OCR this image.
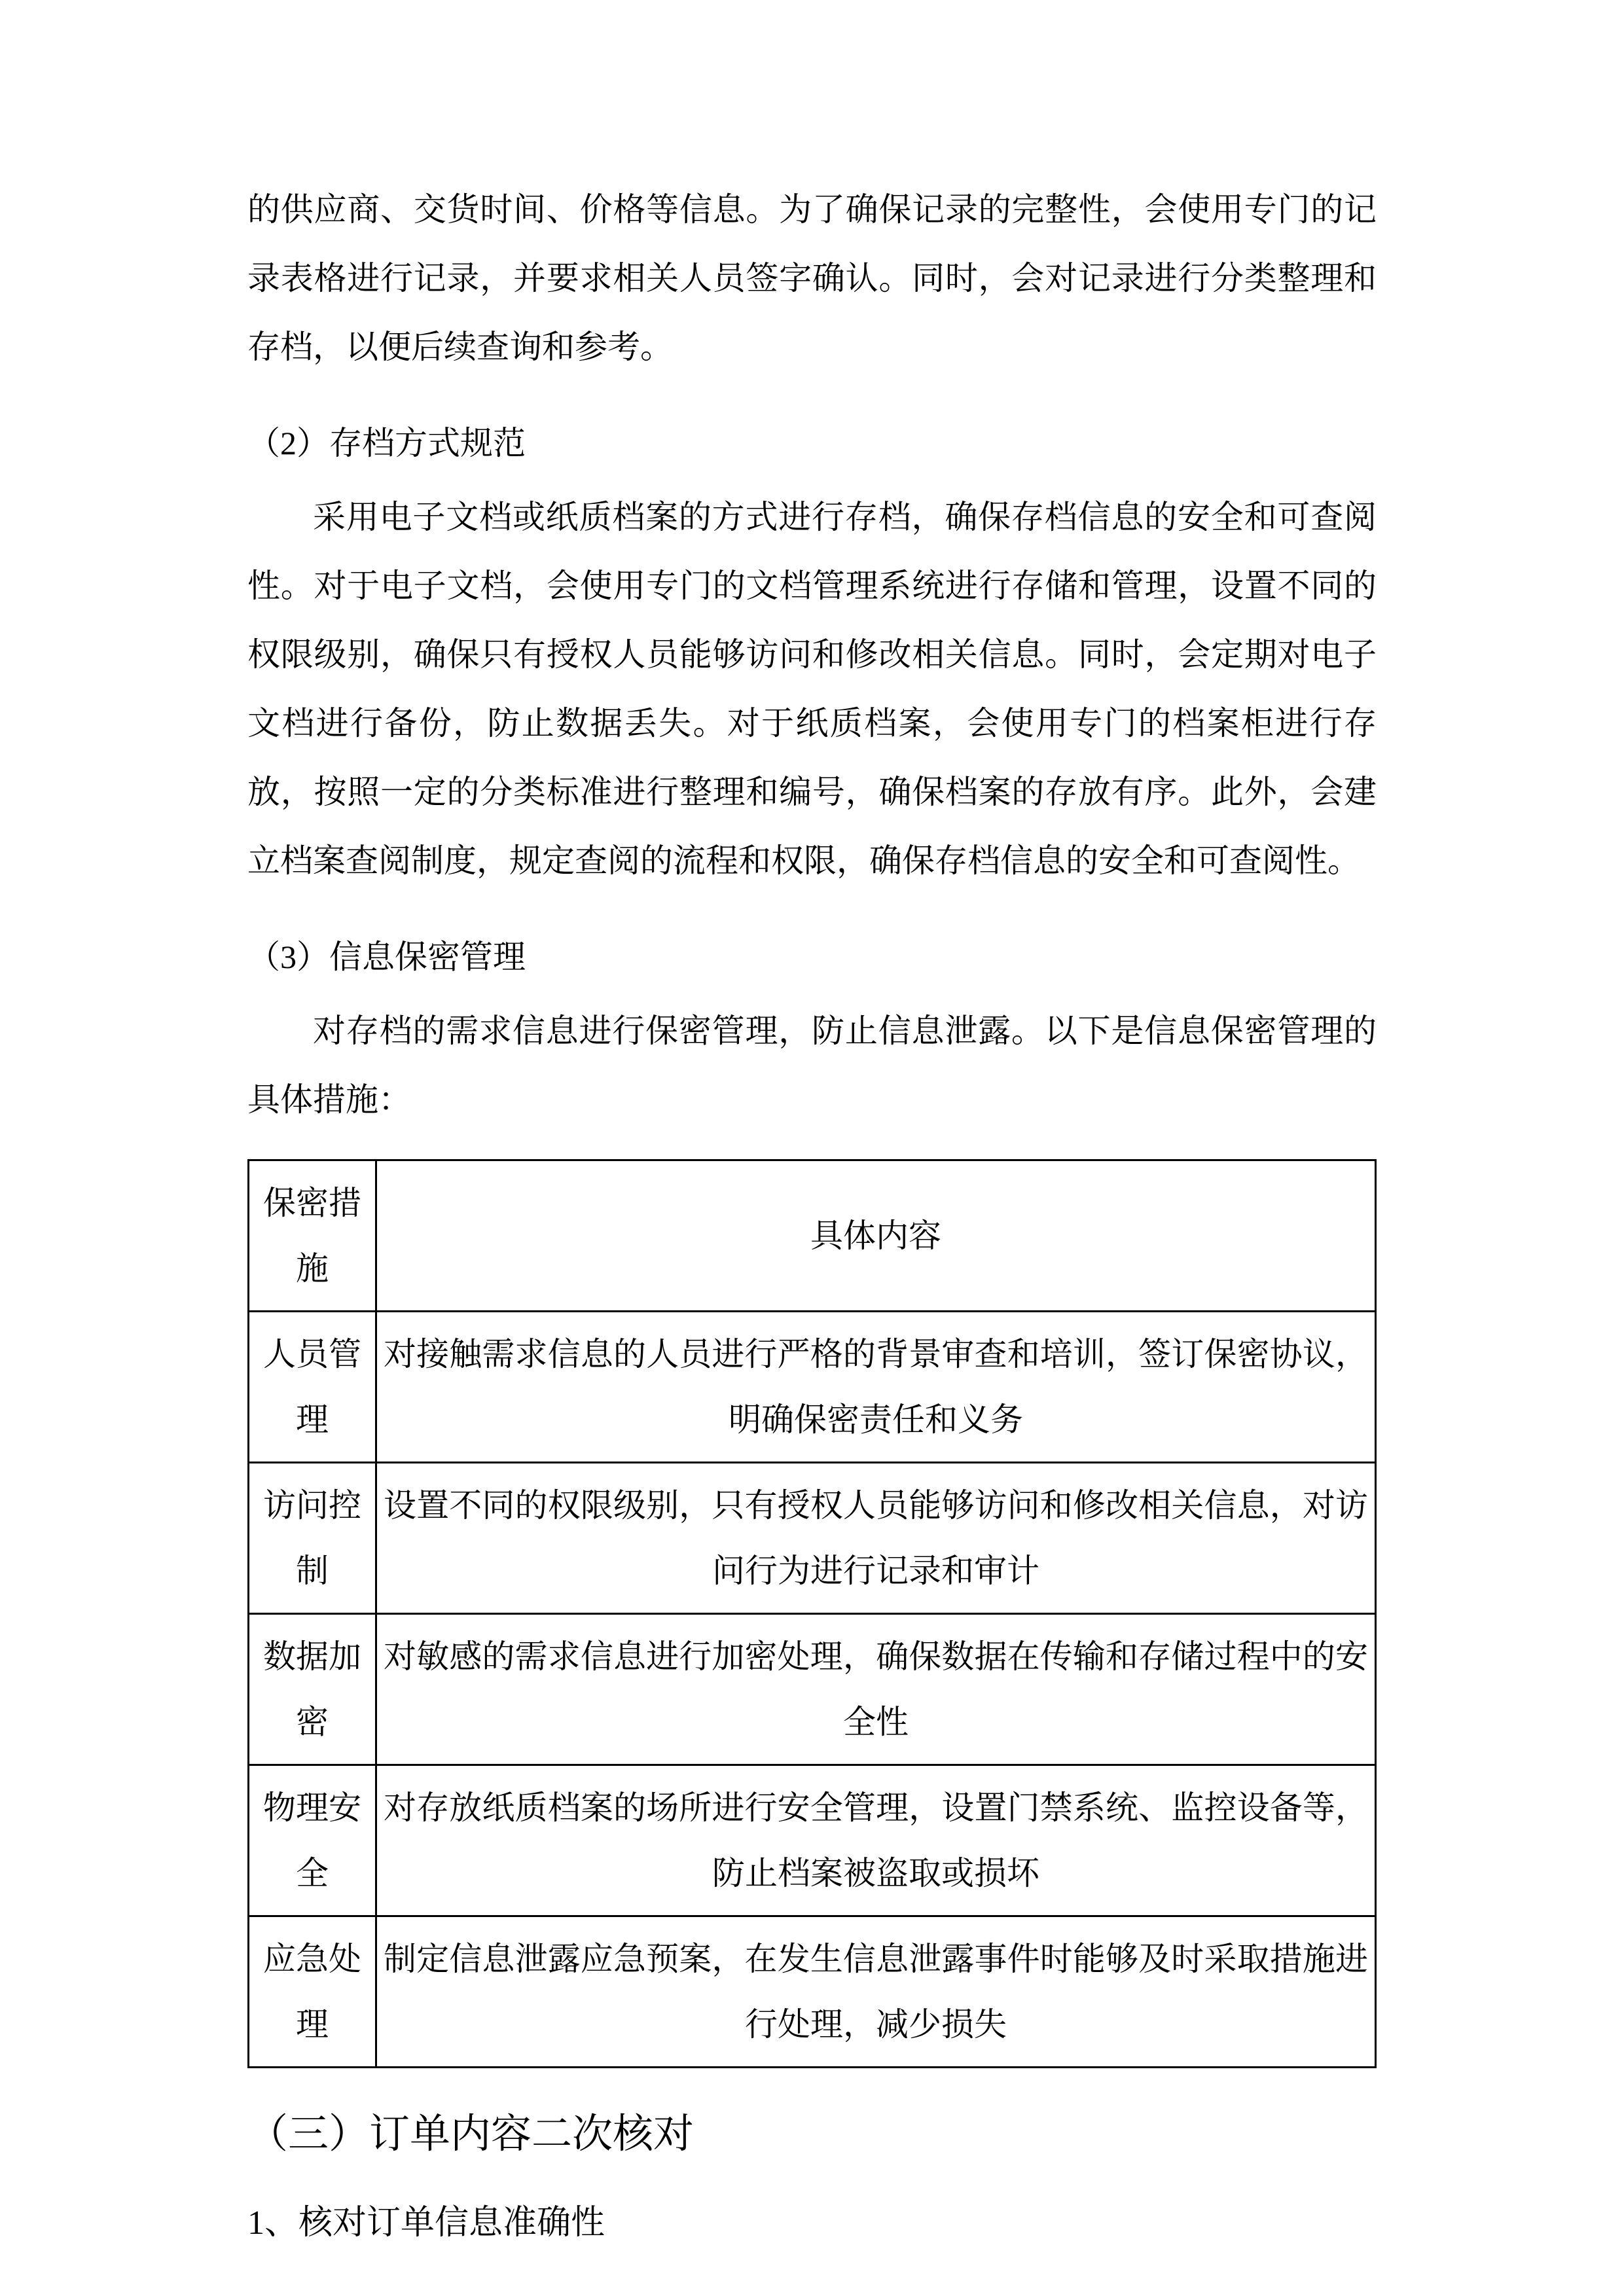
的供应商、交货时间、价格等信息。为了确保记录的完整性，会使用专门的记录表格进行记录，并要求相关人员签字确认。同时，会对记录进行分类整理和存档，以便后续查询和参考。

（2）存档方式规范

采用电子文档或纸质档案的方式进行存档，确保存档信息的安全和可查阅性。对于电子文档，会使用专门的文档管理系统进行存储和管理，设置不同的权限级别，确保只有授权人员能够访问和修改相关信息。同时，会定期对电子文档进行备份，防止数据丢失。对于纸质档案，会使用专门的档案柜进行存放，按照一定的分类标准进行整理和编号，确保档案的存放有序。此外，会建立档案查阅制度，规定查阅的流程和权限，确保存档信息的安全和可查阅性。

（3）信息保密管理

对存档的需求信息进行保密管理，防止信息泄露。以下是信息保密管理的具体措施：

保密措施	具体内容
人员管理	对接触需求信息的人员进行严格的背景审查和培训，签订保密协议，明确保密责任和义务
访问控制	设置不同的权限级别，只有授权人员能够访问和修改相关信息，对访问行为进行记录和审计
数据加密	对敏感的需求信息进行加密处理，确保数据在传输和存储过程中的安全性
物理安全	对存放纸质档案的场所进行安全管理，设置门禁系统、监控设备等，防止档案被盗取或损坏
应急处理	制定信息泄露应急预案，在发生信息泄露事件时能够及时采取措施进行处理，减少损失

（三）订单内容二次核对

1、核对订单信息准确性
